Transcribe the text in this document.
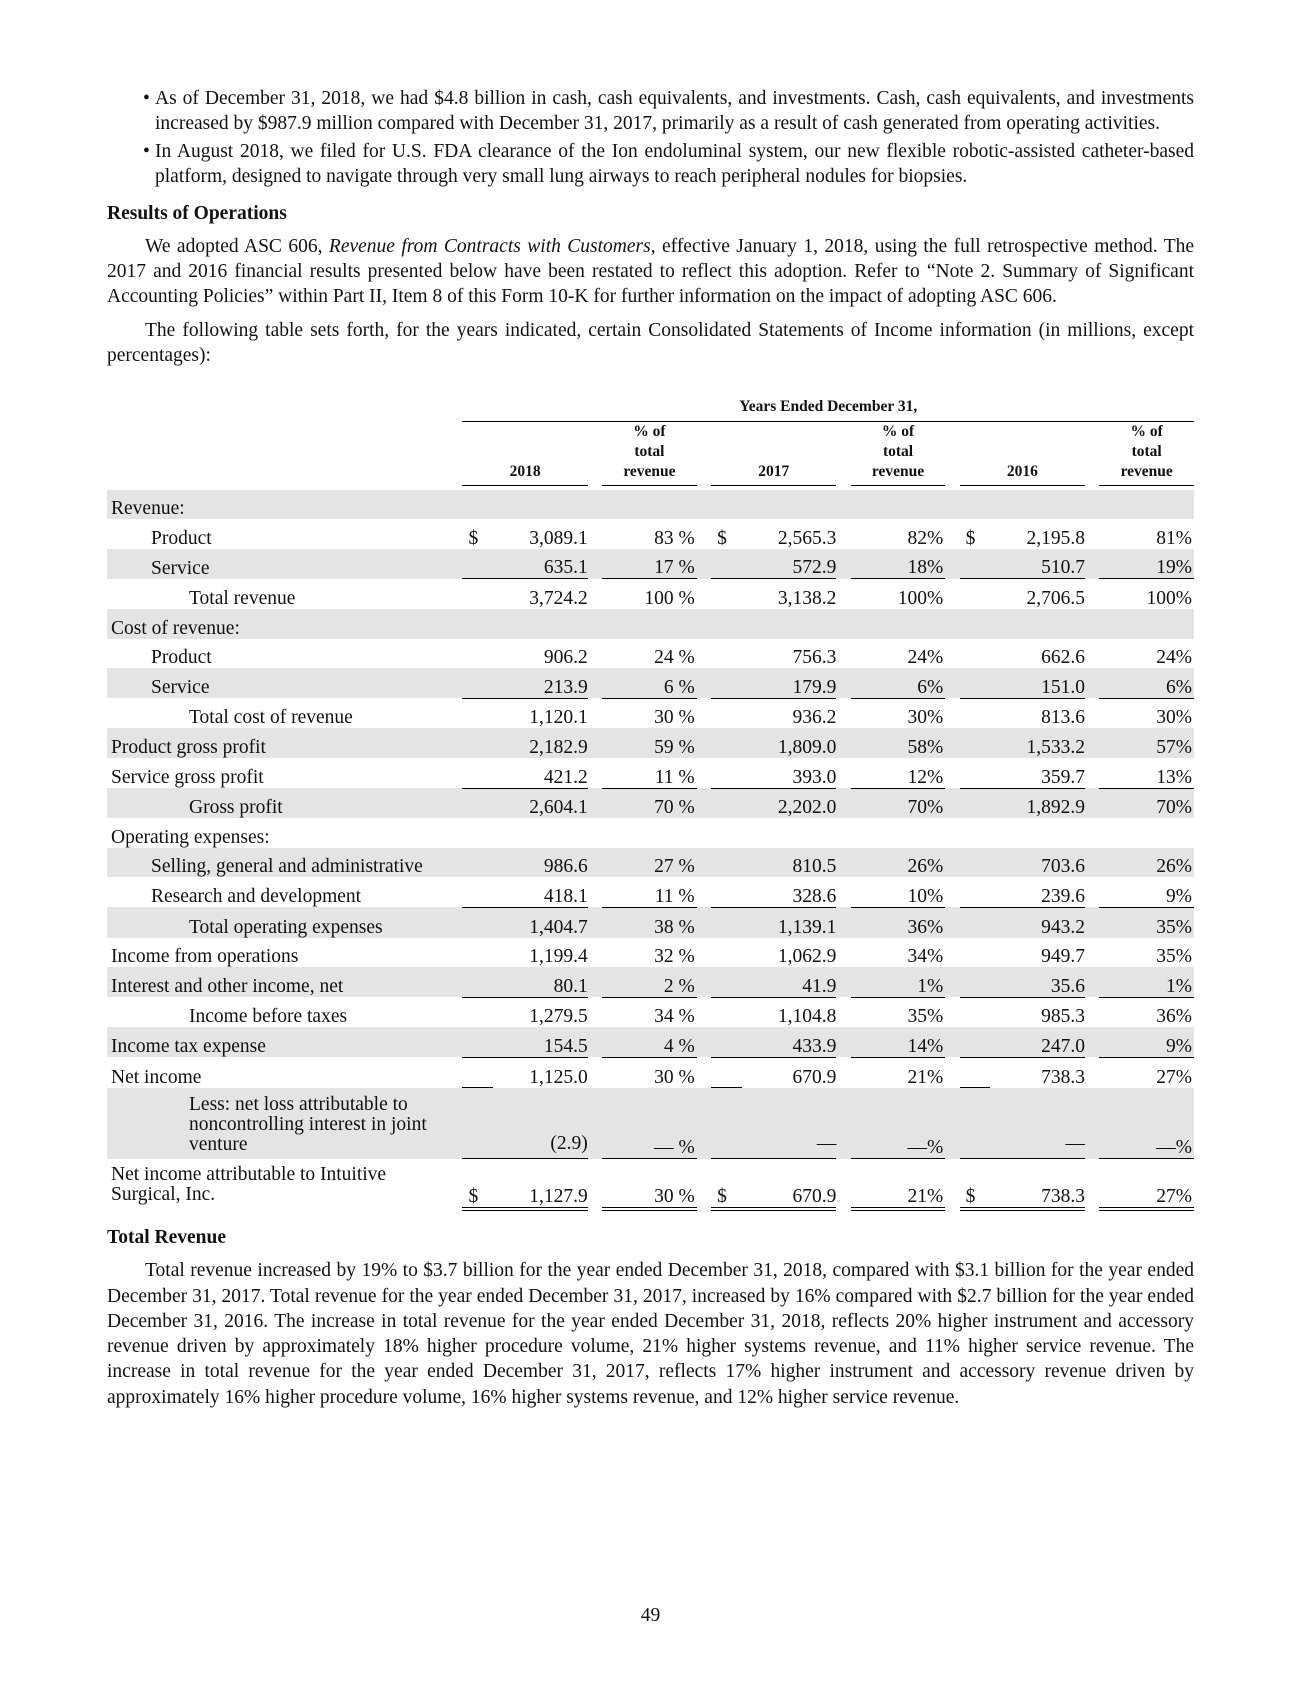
• As of December 31, 2018, we had $4.8 billion in cash, cash equivalents, and investments. Cash, cash equivalents, and investments increased by $987.9 million compared with December 31, 2017, primarily as a result of cash generated from operating activities.
• In August 2018, we filed for U.S. FDA clearance of the Ion endoluminal system, our new flexible robotic-assisted catheter-based platform, designed to navigate through very small lung airways to reach peripheral nodules for biopsies.
Results of Operations

We adopted ASC 606, Revenue from Contracts with Customers, effective January 1, 2018, using the full retrospective method. The 2017 and 2016 financial results presented below have been restated to reflect this adoption. Refer to “Note 2. Summary of Significant Accounting Policies” within Part II, Item 8 of this Form 10-K for further information on the impact of adopting ASC 606.

The following table sets forth, for the years indicated, certain Consolidated Statements of Income information (in millions, except percentages):

	Years Ended December 31,													

	2018			% of
total
revenue		2017			% of
total
revenue		2016			% of
total
revenue

Revenue:														
Product	$	3,089.1		83 %		$	2,565.3		82%		$	2,195.8		81%
Service		635.1		17 %			572.9		18%			510.7		19%
Total revenue		3,724.2		100 %			3,138.2		100%			2,706.5		100%
Cost of revenue:														
Product		906.2		24 %			756.3		24%			662.6		24%
Service		213.9		6 %			179.9		6%			151.0		6%
Total cost of revenue		1,120.1		30 %			936.2		30%			813.6		30%
Product gross profit		2,182.9		59 %			1,809.0		58%			1,533.2		57%
Service gross profit		421.2		11 %			393.0		12%			359.7		13%
Gross profit		2,604.1		70 %			2,202.0		70%			1,892.9		70%
Operating expenses:														
Selling, general and administrative		986.6		27 %			810.5		26%			703.6		26%
Research and development		418.1		11 %			328.6		10%			239.6		9%
Total operating expenses		1,404.7		38 %			1,139.1		36%			943.2		35%
Income from operations		1,199.4		32 %			1,062.9		34%			949.7		35%
Interest and other income, net		80.1		2 %			41.9		1%			35.6		1%
Income before taxes		1,279.5		34 %			1,104.8		35%			985.3		36%
Income tax expense		154.5		4 %			433.9		14%			247.0		9%
Net income		1,125.0		30 %			670.9		21%			738.3		27%
Less: net loss attributable to noncontrolling interest in joint venture		(2.9)		— %			—		—%			—		—%
Net income attributable to Intuitive Surgical, Inc.	$	1,127.9		30 %		$	670.9		21%		$	738.3		27%
Total Revenue

Total revenue increased by 19% to $3.7 billion for the year ended December 31, 2018, compared with $3.1 billion for the year ended December 31, 2017. Total revenue for the year ended December 31, 2017, increased by 16% compared with $2.7 billion for the year ended December 31, 2016. The increase in total revenue for the year ended December 31, 2018, reflects 20% higher instrument and accessory revenue driven by approximately 18% higher procedure volume, 21% higher systems revenue, and 11% higher service revenue. The increase in total revenue for the year ended December 31, 2017, reflects 17% higher instrument and accessory revenue driven by approximately 16% higher procedure volume, 16% higher systems revenue, and 12% higher service revenue.

49
